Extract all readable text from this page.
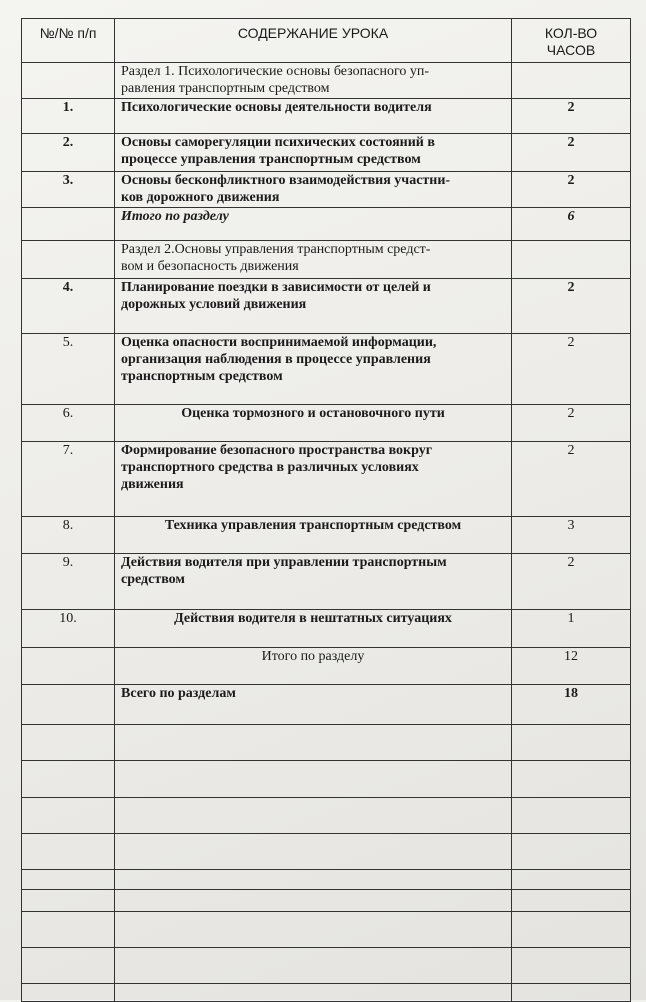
№/№ п/п	СОДЕРЖАНИЕ УРОКА	КОЛ-ВО
ЧАСОВ

	Раздел 1. Психологические основы безопасного уп-
равления транспортным средством	

1.	Психологические основы деятельности водителя	2
2.	Основы саморегуляции психических состояний в
процессе управления транспортным средством	2
3.	Основы бесконфликтного взаимодействия участни-
ков дорожного движения	2
	Итого по разделу	6

	Раздел 2.Основы управления транспортным средст-
вом и безопасность движения	

4.	Планирование поездки в зависимости от целей и
дорожных условий движения	2
5.	Оценка опасности воспринимаемой информации,
организация наблюдения в процессе управления
транспортным средством	2
6.	Оценка тормозного и остановочного пути	2
7.	Формирование безопасного пространства вокруг
транспортного средства в различных условиях
движения	2
8.	Техника управления транспортным средством	3
9.	Действия водителя при управлении транспортным
средством	2
10.	Действия водителя в нештатных ситуациях	1
	Итого по разделу	12
	Всего по разделам	18
